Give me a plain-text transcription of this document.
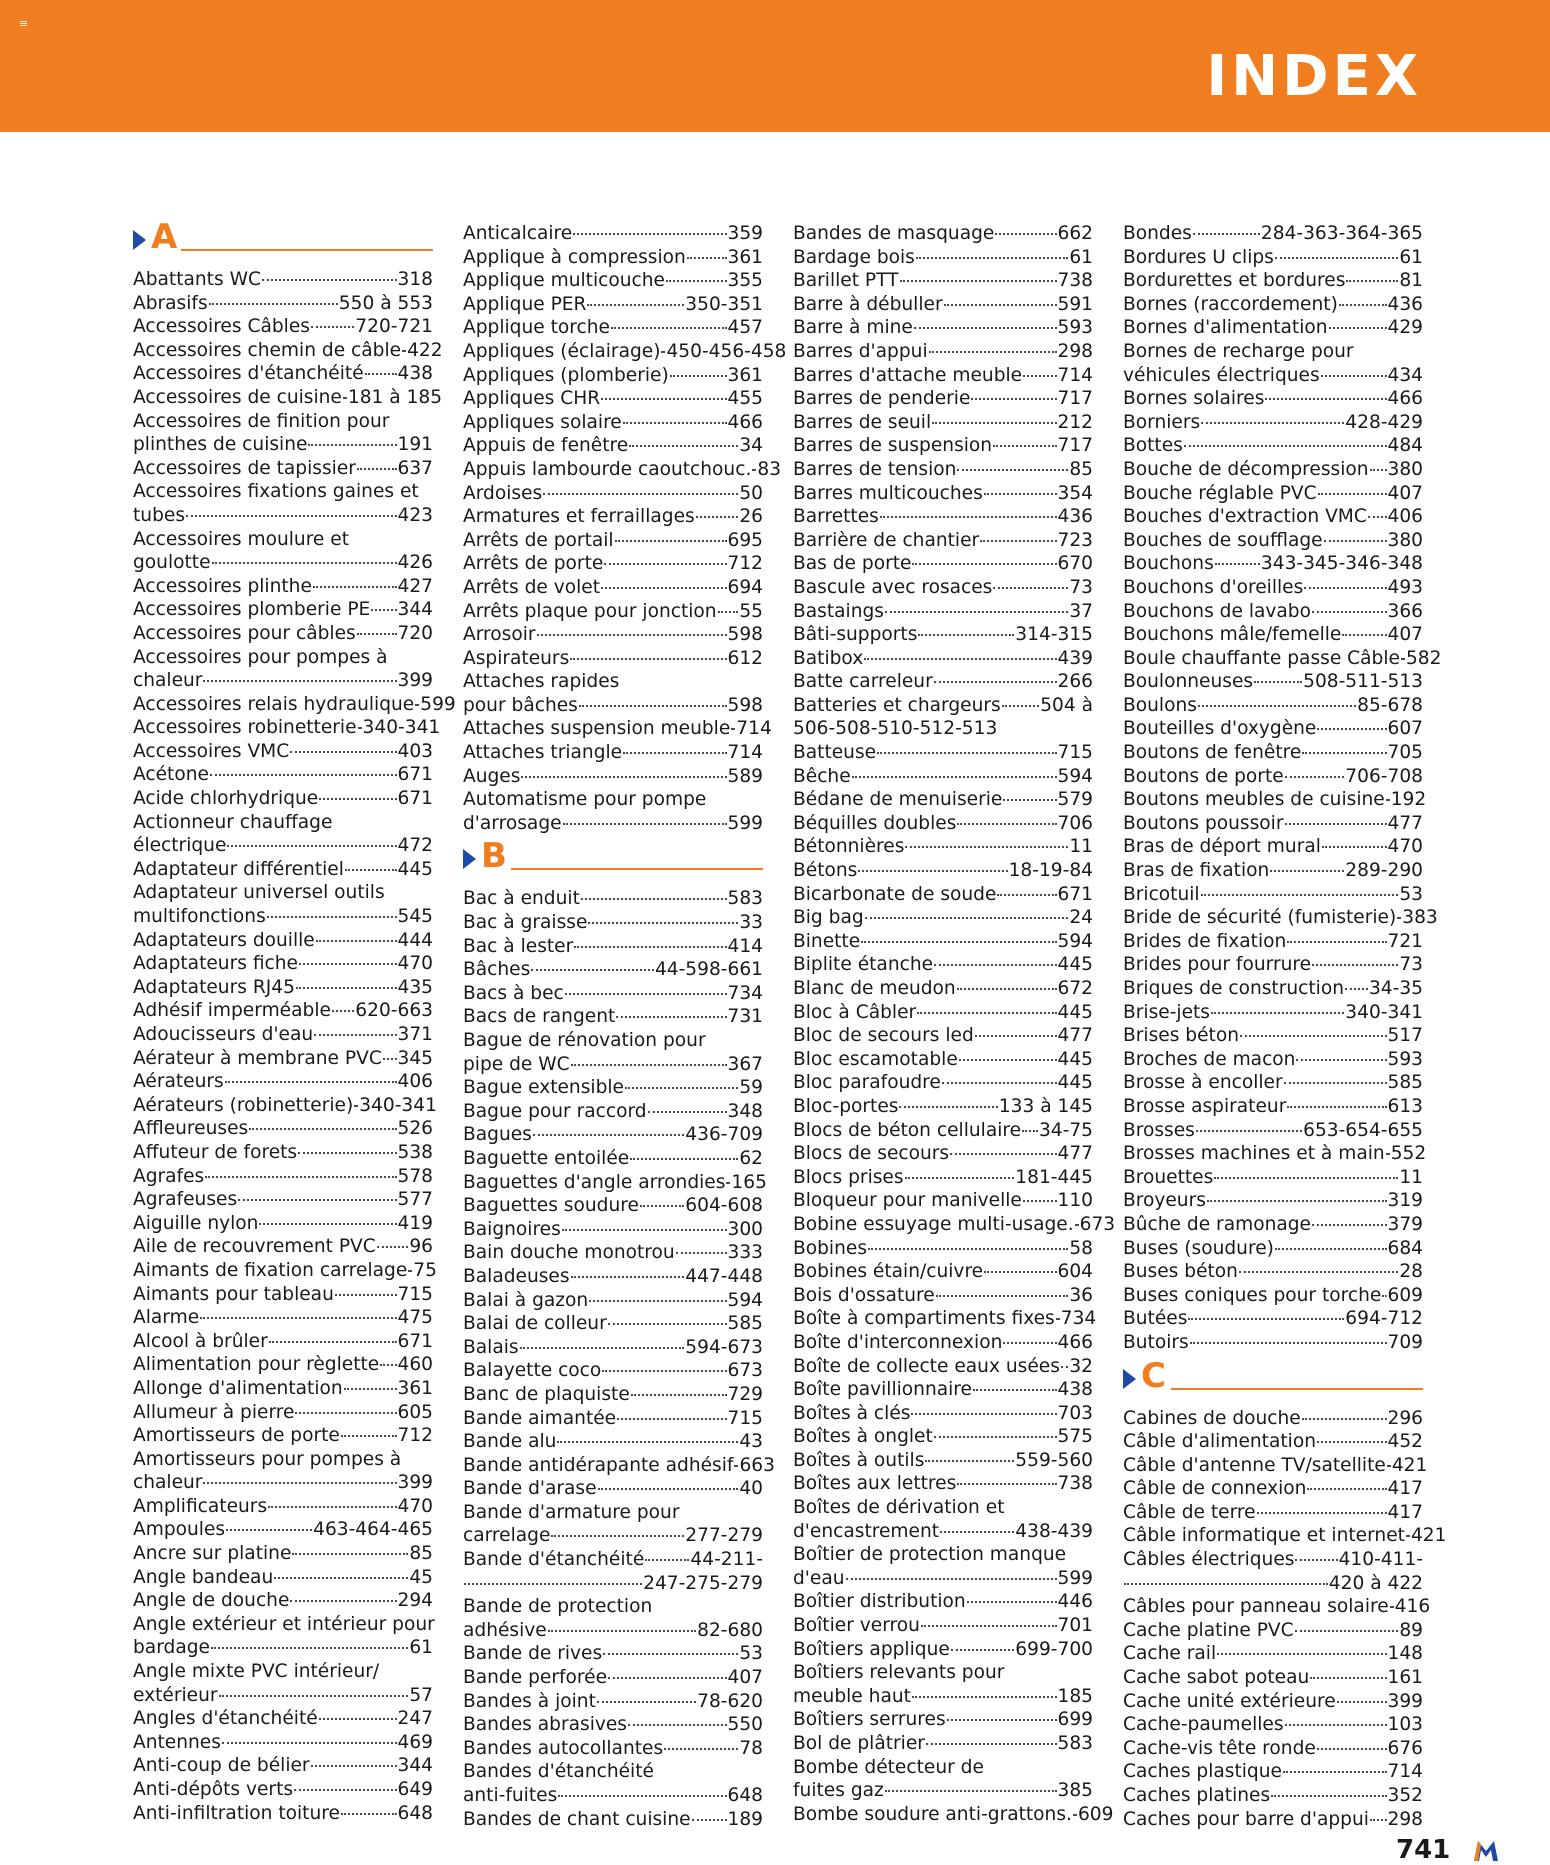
≡
INDEX
A
Abattants WC	318
Abrasifs	550 à 553
Accessoires Câbles 720-721
Accessoires chemin de câble 422
Accessoires d'étanchéité 438
Accessoires de cuisine 181 à 185
Accessoires de finition pour
plinthes de cuisine	191
Accessoires de tapissier 637
Accessoires fixations gaines et
tubes	423
Accessoires moulure et
goulotte	426
Accessoires plinthe	427
Accessoires plomberie PE 344
Accessoires pour câbles 720
Accessoires pour pompes à
chaleur	399
Accessoires relais hydraulique 599
Accessoires robinetterie 340-341
Accessoires VMC	403
Acétone	671
Acide chlorhydrique	671
Actionneur chauffage
électrique	472
Adaptateur différentiel	445
Adaptateur universel outils
multifonctions	545
Adaptateurs douille	444
Adaptateurs fiche	470
Adaptateurs RJ45	435
Adhésif imperméable 620-663
Adoucisseurs d'eau	371
Aérateur à membrane PVC 345
Aérateurs	406
Aérateurs (robinetterie) 340-341
Affleureuses	526
Affuteur de forets	538
Agrafes	578
Agrafeuses	577
Aiguille nylon	419
Aile de recouvrement PVC 96
Aimants de fixation carrelage 75
Aimants pour tableau	715
Alarme	475
Alcool à brûler	671
Alimentation pour règlette 460
Allonge d'alimentation	361
Allumeur à pierre	605
Amortisseurs de porte	712
Amortisseurs pour pompes à
chaleur	399
Amplificateurs	470
Ampoules	463-464-465
Ancre sur platine	85
Angle bandeau	45
Angle de douche	294
Angle extérieur et intérieur pour
bardage	61
Angle mixte PVC intérieur/
extérieur	57
Angles d'étanchéité	247
Antennes	469
Anti-coup de bélier	344
Anti-dépôts verts	649
Anti-infiltration toiture	648
Anticalcaire	359
Applique à compression 361
Applique multicouche	355
Applique PER	350-351
Applique torche	457
Appliques (éclairage) 450-456-458
Appliques (plomberie)	361
Appliques CHR	455
Appliques solaire	466
Appuis de fenêtre	34
Appuis lambourde caoutchouc. 83
Ardoises	50
Armatures et ferraillages 26
Arrêts de portail	695
Arrêts de porte	712
Arrêts de volet	694
Arrêts plaque pour jonction 55
Arrosoir	598
Aspirateurs	612
Attaches rapides
pour bâches	598
Attaches suspension meuble 714
Attaches triangle	714
Auges	589
Automatisme pour pompe
d'arrosage	599
B
Bac à enduit	583
Bac à graisse	33
Bac à lester	414
Bâches	44-598-661
Bacs à bec	734
Bacs de rangent	731
Bague de rénovation pour
pipe de WC	367
Bague extensible	59
Bague pour raccord	348
Bagues	436-709
Baguette entoilée	62
Baguettes d'angle arrondies 165
Baguettes soudure 604-608
Baignoires	300
Bain douche monotrou	333
Baladeuses	447-448
Balai à gazon	594
Balai de colleur	585
Balais	594-673
Balayette coco	673
Banc de plaquiste	729
Bande aimantée	715
Bande alu	43
Bande antidérapante adhésif 663
Bande d'arase	40
Bande d'armature pour
carrelage	277-279
Bande d'étanchéité 44-211-
247-275-279
Bande de protection
adhésive	82-680
Bande de rives	53
Bande perforée	407
Bandes à joint	78-620
Bandes abrasives	550
Bandes autocollantes	78
Bandes d'étanchéité
anti-fuites	648
Bandes de chant cuisine 189
Bandes de masquage	662
Bardage bois	61
Barillet PTT	738
Barre à débuller	591
Barre à mine	593
Barres d'appui	298
Barres d'attache meuble 714
Barres de penderie	717
Barres de seuil	212
Barres de suspension	717
Barres de tension	85
Barres multicouches	354
Barrettes	436
Barrière de chantier	723
Bas de porte	670
Bascule avec rosaces	73
Bastaings	37
Bâti-supports	314-315
Batibox	439
Batte carreleur	266
Batteries et chargeurs 504 à
506-508-510-512-513
Batteuse	715
Bêche	594
Bédane de menuiserie	579
Béquilles doubles	706
Bétonnières	11
Bétons	18-19-84
Bicarbonate de soude	671
Big bag	24
Binette	594
Biplite étanche	445
Blanc de meudon	672
Bloc à Câbler	445
Bloc de secours led	477
Bloc escamotable	445
Bloc parafoudre	445
Bloc-portes	133 à 145
Blocs de béton cellulaire 34-75
Blocs de secours	477
Blocs prises	181-445
Bloqueur pour manivelle 110
Bobine essuyage multi-usage. 673
Bobines	58
Bobines étain/cuivre	604
Bois d'ossature	36
Boîte à compartiments fixes 734
Boîte d'interconnexion	466
Boîte de collecte eaux usées 32
Boîte pavillionnaire	438
Boîtes à clés	703
Boîtes à onglet	575
Boîtes à outils	559-560
Boîtes aux lettres	738
Boîtes de dérivation et
d'encastrement	438-439
Boîtier de protection manque
d'eau	599
Boîtier distribution	446
Boîtier verrou	701
Boîtiers applique	699-700
Boîtiers relevants pour
meuble haut	185
Boîtiers serrures	699
Bol de plâtrier	583
Bombe détecteur de
fuites gaz	385
Bombe soudure anti-grattons. 609
Bondes	284-363-364-365
Bordures U clips	61
Bordurettes et bordures	81
Bornes (raccordement)	436
Bornes d'alimentation	429
Bornes de recharge pour
véhicules électriques	434
Bornes solaires	466
Borniers	428-429
Bottes	484
Bouche de décompression 380
Bouche réglable PVC	407
Bouches d'extraction VMC 406
Bouches de soufflage	380
Bouchons	343-345-346-348
Bouchons d'oreilles	493
Bouchons de lavabo	366
Bouchons mâle/femelle 407
Boule chauffante passe Câble 582
Boulonneuses	508-511-513
Boulons	85-678
Bouteilles d'oxygène	607
Boutons de fenêtre	705
Boutons de porte	706-708
Boutons meubles de cuisine 192
Boutons poussoir	477
Bras de déport mural	470
Bras de fixation	289-290
Bricotuil	53
Bride de sécurité (fumisterie) 383
Brides de fixation	721
Brides pour fourrure	73
Briques de construction 34-35
Brise-jets	340-341
Brises béton	517
Broches de macon	593
Brosse à encoller	585
Brosse aspirateur	613
Brosses	653-654-655
Brosses machines et à main 552
Brouettes	11
Broyeurs	319
Bûche de ramonage	379
Buses (soudure)	684
Buses béton	28
Buses coniques pour torche 609
Butées	694-712
Butoirs	709
C
Cabines de douche	296
Câble d'alimentation	452
Câble d'antenne TV/satellite 421
Câble de connexion	417
Câble de terre	417
Câble informatique et internet 421
Câbles électriques 410-411-
420 à 422
Câbles pour panneau solaire 416
Cache platine PVC	89
Cache rail	148
Cache sabot poteau	161
Cache unité extérieure	399
Cache-paumelles	103
Cache-vis tête ronde	676
Caches plastique	714
Caches platines	352
Caches pour barre d'appui 298
741
